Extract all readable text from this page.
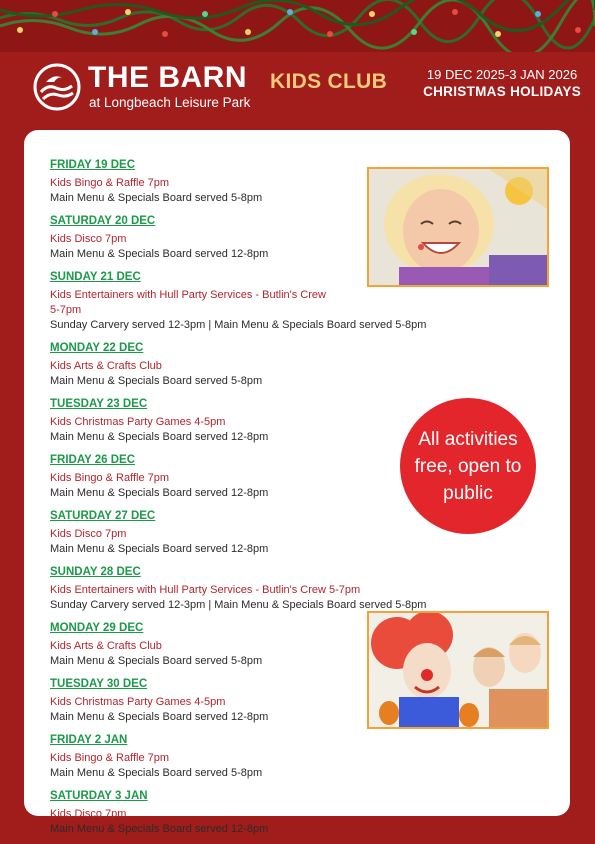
THE BARN
at Longbeach Leisure Park
KIDS CLUB	19 DEC 2025-3 JAN 2026
CHRISTMAS HOLIDAYS
FRIDAY 19 DEC
Kids Bingo & Raffle 7pm
Main Menu & Specials Board served 5-8pm
SATURDAY 20 DEC
Kids Disco 7pm
Main Menu & Specials Board served 12-8pm
SUNDAY 21 DEC
Kids Entertainers with Hull Party Services - Butlin's Crew
5-7pm
Sunday Carvery served 12-3pm | Main Menu & Specials Board served 5-8pm
MONDAY 22 DEC
Kids Arts & Crafts Club
Main Menu & Specials Board served 5-8pm
TUESDAY 23 DEC
Kids Christmas Party Games 4-5pm
Main Menu & Specials Board served 12-8pm
FRIDAY 26 DEC
Kids Bingo & Raffle 7pm
Main Menu & Specials Board served 12-8pm
SATURDAY 27 DEC
Kids Disco 7pm
Main Menu & Specials Board served 12-8pm
SUNDAY 28 DEC
Kids Entertainers with Hull Party Services - Butlin's Crew 5-7pm
Sunday Carvery served 12-3pm | Main Menu & Specials Board served 5-8pm
MONDAY 29 DEC
Kids Arts & Crafts Club
Main Menu & Specials Board served 5-8pm
TUESDAY 30 DEC
Kids Christmas Party Games 4-5pm
Main Menu & Specials Board served 12-8pm
FRIDAY 2 JAN
Kids Bingo & Raffle 7pm
Main Menu & Specials Board served 5-8pm
SATURDAY 3 JAN
Kids Disco 7pm
Main Menu & Specials Board served 12-8pm
All activities free, open to public
